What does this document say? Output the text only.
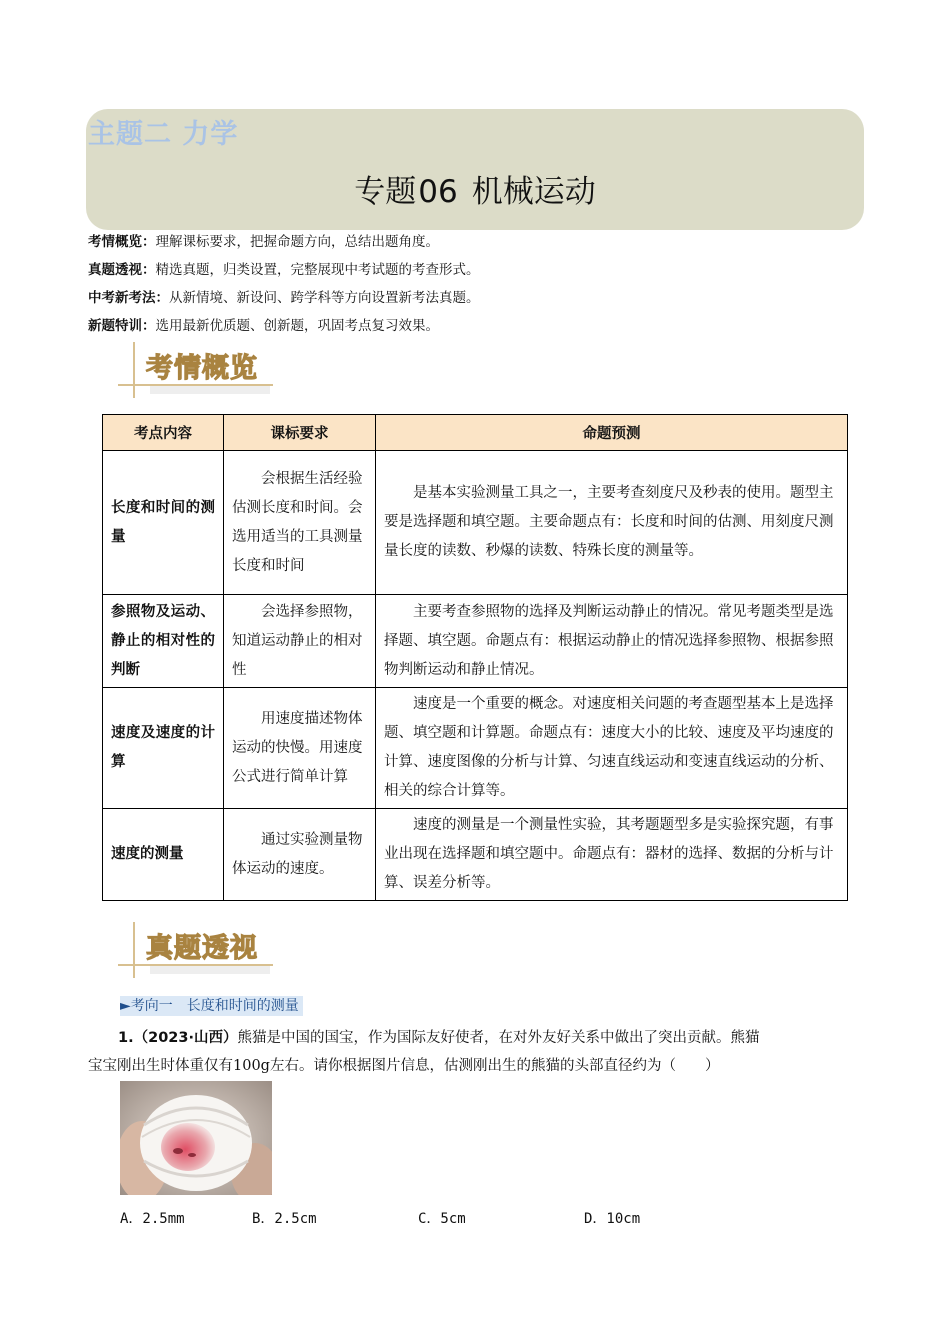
主题二 力学
专题06 机械运动
考情概览：理解课标要求，把握命题方向，总结出题角度。
真题透视：精选真题，归类设置，完整展现中考试题的考查形式。
中考新考法：从新情境、新设问、跨学科等方向设置新考法真题。
新题特训：选用最新优质题、创新题，巩固考点复习效果。
考情概览
考点内容	课标要求	命题预测
长度和时间的测量	会根据生活经验估测长度和时间。会选用适当的工具测量长度和时间	是基本实验测量工具之一，主要考查刻度尺及秒表的使用。题型主要是选择题和填空题。主要命题点有：长度和时间的估测、用刻度尺测量长度的读数、秒爆的读数、特殊长度的测量等。
参照物及运动、静止的相对性的判断	会选择参照物，知道运动静止的相对性	主要考查参照物的选择及判断运动静止的情况。常见考题类型是选择题、填空题。命题点有：根据运动静止的情况选择参照物、根据参照物判断运动和静止情况。
速度及速度的计算	用速度描述物体运动的快慢。用速度公式进行简单计算	速度是一个重要的概念。对速度相关问题的考查题型基本上是选择题、填空题和计算题。命题点有：速度大小的比较、速度及平均速度的计算、速度图像的分析与计算、匀速直线运动和变速直线运动的分析、相关的综合计算等。
速度的测量	通过实验测量物体运动的速度。	速度的测量是一个测量性实验，其考题题型多是实验探究题，有事业出现在选择题和填空题中。命题点有：器材的选择、数据的分析与计算、误差分析等。
真题透视
►考向一　长度和时间的测量
1.（2023·山西）熊猫是中国的国宝，作为国际友好使者，在对外友好关系中做出了突出贡献。熊猫
宝宝刚出生时体重仅有100g左右。请你根据图片信息，估测刚出生的熊猫的头部直径约为（　　）
A．2.5mm	B．2.5cm	C．5cm	D．10cm
